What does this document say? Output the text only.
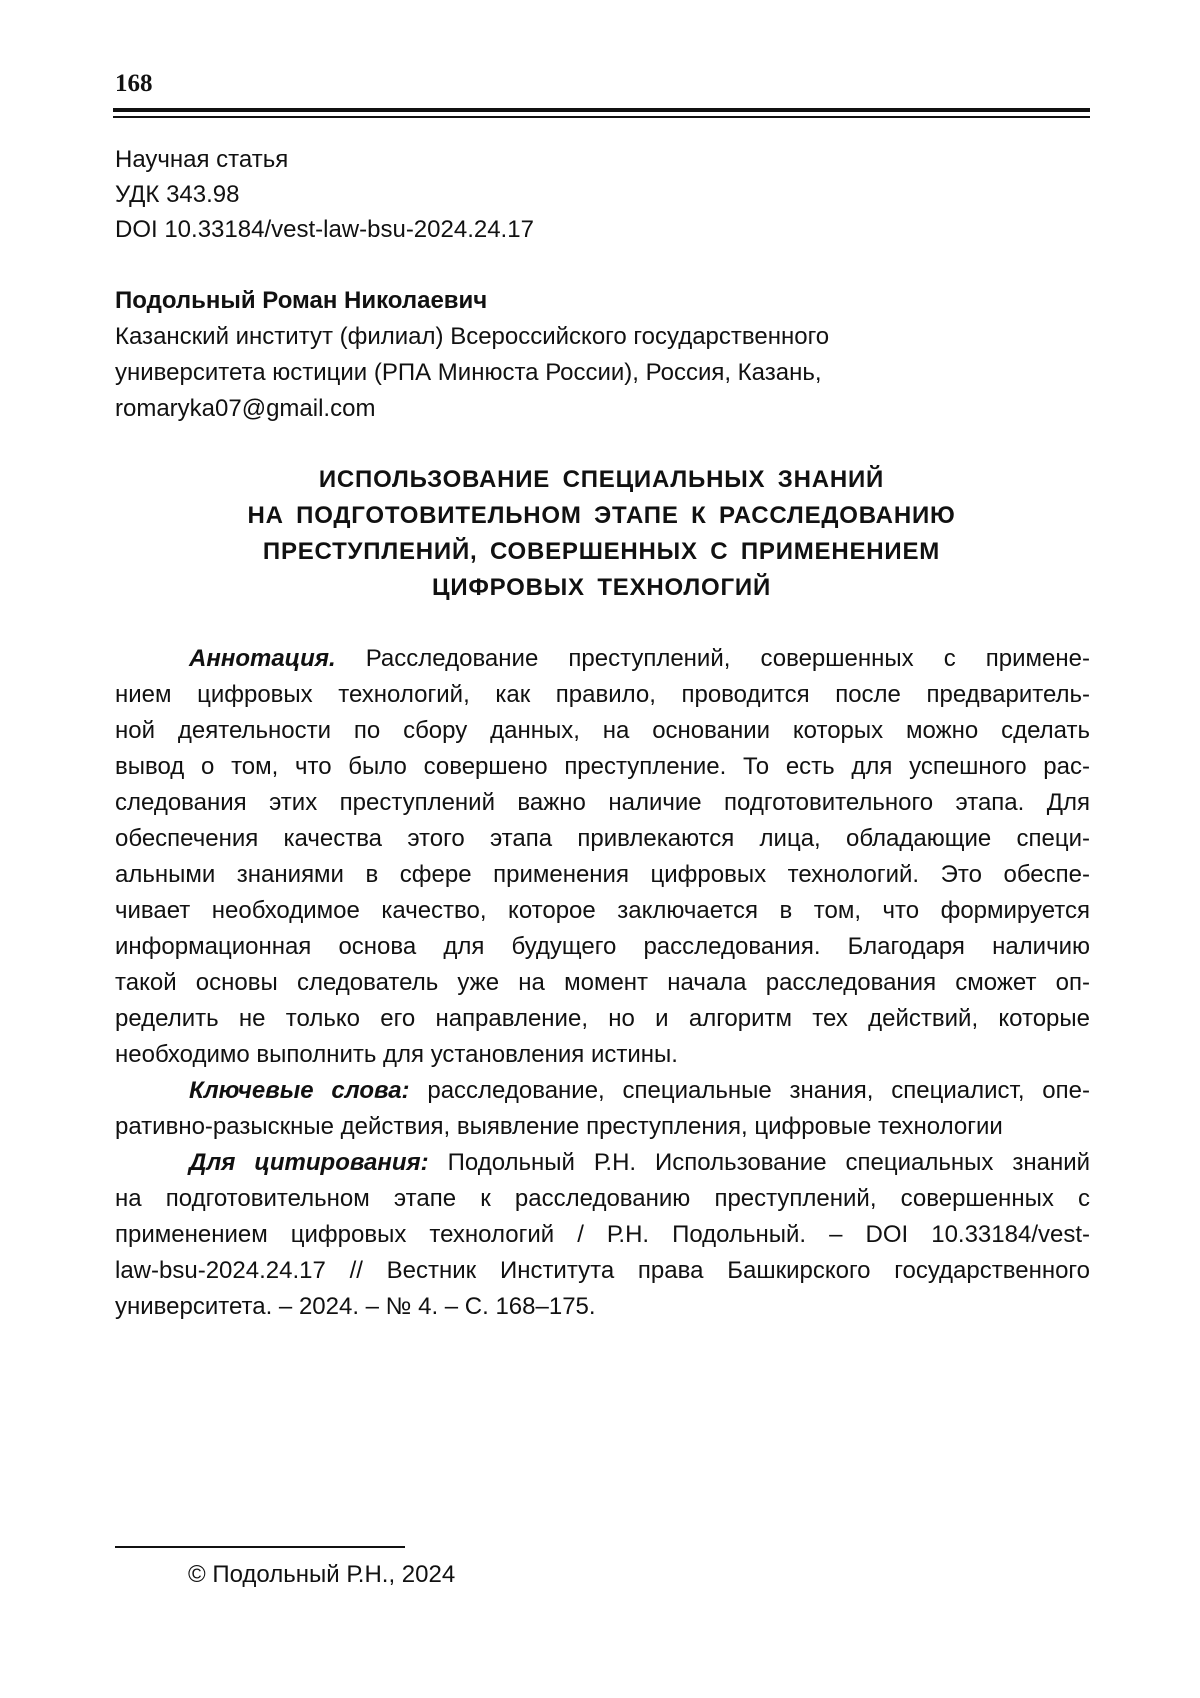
168
Научная статья
УДК 343.98
DOI 10.33184/vest-law-bsu-2024.24.17
Подольный Роман Николаевич
Казанский институт (филиал) Всероссийского государственного
университета юстиции (РПА Минюста России), Россия, Казань,
romaryka07@gmail.com
ИСПОЛЬЗОВАНИЕ СПЕЦИАЛЬНЫХ ЗНАНИЙ
НА ПОДГОТОВИТЕЛЬНОМ ЭТАПЕ К РАССЛЕДОВАНИЮ
ПРЕСТУПЛЕНИЙ, СОВЕРШЕННЫХ С ПРИМЕНЕНИЕМ
ЦИФРОВЫХ ТЕХНОЛОГИЙ
Аннотация. Расследование преступлений, совершенных с примене-
нием цифровых технологий, как правило, проводится после предваритель-
ной деятельности по сбору данных, на основании которых можно сделать
вывод о том, что было совершено преступление. То есть для успешного рас-
следования этих преступлений важно наличие подготовительного этапа. Для
обеспечения качества этого этапа привлекаются лица, обладающие специ-
альными знаниями в сфере применения цифровых технологий. Это обеспе-
чивает необходимое качество, которое заключается в том, что формируется
информационная основа для будущего расследования. Благодаря наличию
такой основы следователь уже на момент начала расследования сможет оп-
ределить не только его направление, но и алгоритм тех действий, которые
необходимо выполнить для установления истины.
Ключевые слова: расследование, специальные знания, специалист, опе-
ративно-разыскные действия, выявление преступления, цифровые технологии
Для цитирования: Подольный Р.Н. Использование специальных знаний
на подготовительном этапе к расследованию преступлений, совершенных с
применением цифровых технологий / Р.Н. Подольный. – DOI 10.33184/vest-
law-bsu-2024.24.17 // Вестник Института права Башкирского государственного
университета. – 2024. – № 4. – С. 168–175.
© Подольный Р.Н., 2024
